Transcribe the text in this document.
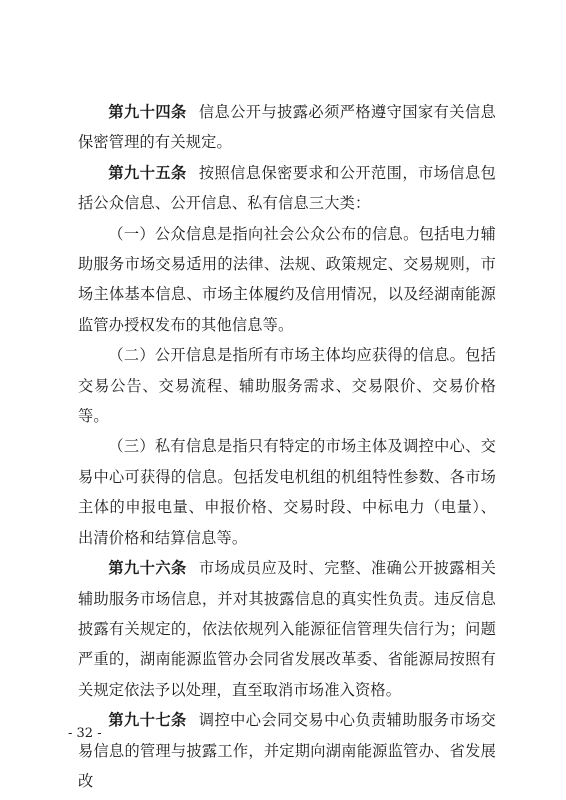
第九十四条 信息公开与披露必须严格遵守国家有关信息保密管理的有关规定。

第九十五条 按照信息保密要求和公开范围，市场信息包括公众信息、公开信息、私有信息三大类：

（一）公众信息是指向社会公众公布的信息。包括电力辅助服务市场交易适用的法律、法规、政策规定、交易规则，市场主体基本信息、市场主体履约及信用情况，以及经湖南能源监管办授权发布的其他信息等。

（二）公开信息是指所有市场主体均应获得的信息。包括交易公告、交易流程、辅助服务需求、交易限价、交易价格等。

（三）私有信息是指只有特定的市场主体及调控中心、交易中心可获得的信息。包括发电机组的机组特性参数、各市场主体的申报电量、申报价格、交易时段、中标电力（电量）、出清价格和结算信息等。

第九十六条 市场成员应及时、完整、准确公开披露相关辅助服务市场信息，并对其披露信息的真实性负责。违反信息披露有关规定的，依法依规列入能源征信管理失信行为；问题严重的，湖南能源监管办会同省发展改革委、省能源局按照有关规定依法予以处理，直至取消市场准入资格。

第九十七条 调控中心会同交易中心负责辅助服务市场交易信息的管理与披露工作，并定期向湖南能源监管办、省发展改

- 32 -
